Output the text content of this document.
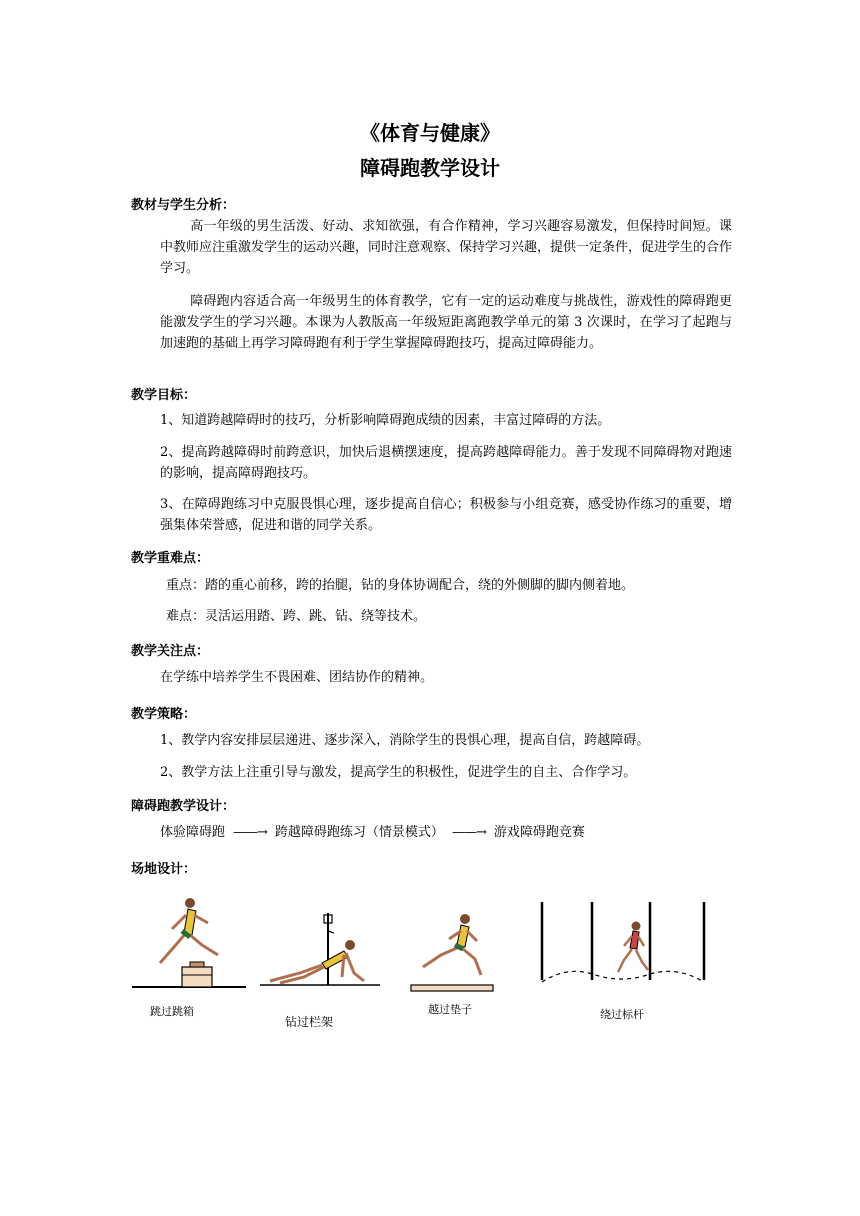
《体育与健康》
障碍跑教学设计
教材与学生分析：
高一年级的男生活泼、好动、求知欲强，有合作精神，学习兴趣容易激发，但保持时间短。课中教师应注重激发学生的运动兴趣，同时注意观察、保持学习兴趣，提供一定条件，促进学生的合作学习。
障碍跑内容适合高一年级男生的体育教学，它有一定的运动难度与挑战性，游戏性的障碍跑更能激发学生的学习兴趣。本课为人教版高一年级短距离跑教学单元的第 3 次课时，在学习了起跑与加速跑的基础上再学习障碍跑有利于学生掌握障碍跑技巧，提高过障碍能力。
教学目标：
1、知道跨越障碍时的技巧，分析影响障碍跑成绩的因素，丰富过障碍的方法。
2、提高跨越障碍时前跨意识，加快后退横摆速度，提高跨越障碍能力。善于发现不同障碍物对跑速的影响，提高障碍跑技巧。
3、在障碍跑练习中克服畏惧心理，逐步提高自信心；积极参与小组竞赛，感受协作练习的重要，增强集体荣誉感，促进和谐的同学关系。
教学重难点：
重点：踏的重心前移，跨的抬腿，钻的身体协调配合，绕的外侧脚的脚内侧着地。
难点：灵活运用踏、跨、跳、钻、绕等技术。
教学关注点：
在学练中培养学生不畏困难、团结协作的精神。
教学策略：
1、教学内容安排层层递进、逐步深入，消除学生的畏惧心理，提高自信，跨越障碍。
2、教学方法上注重引导与激发，提高学生的积极性，促进学生的自主、合作学习。
障碍跑教学设计：
体验障碍跑 ——→ 跨越障碍跑练习（情景模式） ——→ 游戏障碍跑竞赛
场地设计：
跳过跳箱
钻过栏架
越过垫子	绕过标杆
